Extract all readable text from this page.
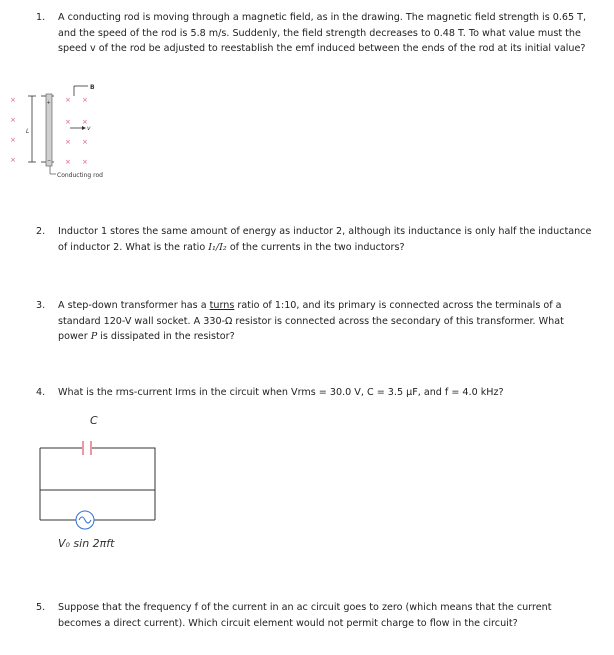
1.	A conducting rod is moving through a magnetic field, as in the drawing. The magnetic field strength is 0.65 T, and the speed of the rod is 5.8 m/s. Suddenly, the field strength decreases to 0.48 T. To what value must the speed v of the rod be adjusted to reestablish the emf induced between the ends of the rod at its initial value?
×
×
×
×
×
×
×
×
×
×
×
×
B
L
+
−
v
Conducting rod
2.	Inductor 1 stores the same amount of energy as inductor 2, although its inductance is only half the inductance of inductor 2. What is the ratio I₁/I₂ of the currents in the two inductors?
3.	A step-down transformer has a turns ratio of 1:10, and its primary is connected across the terminals of a standard 120-V wall socket. A 330-Ω resistor is connected across the secondary of this transformer. What power P is dissipated in the resistor?
4.	What is the rms-current Irms in the circuit when Vrms = 30.0 V, C = 3.5 μF, and f = 4.0 kHz?
C
V₀ sin 2πft
5.	Suppose that the frequency f of the current in an ac circuit goes to zero (which means that the current becomes a direct current). Which circuit element would not permit charge to flow in the circuit?
